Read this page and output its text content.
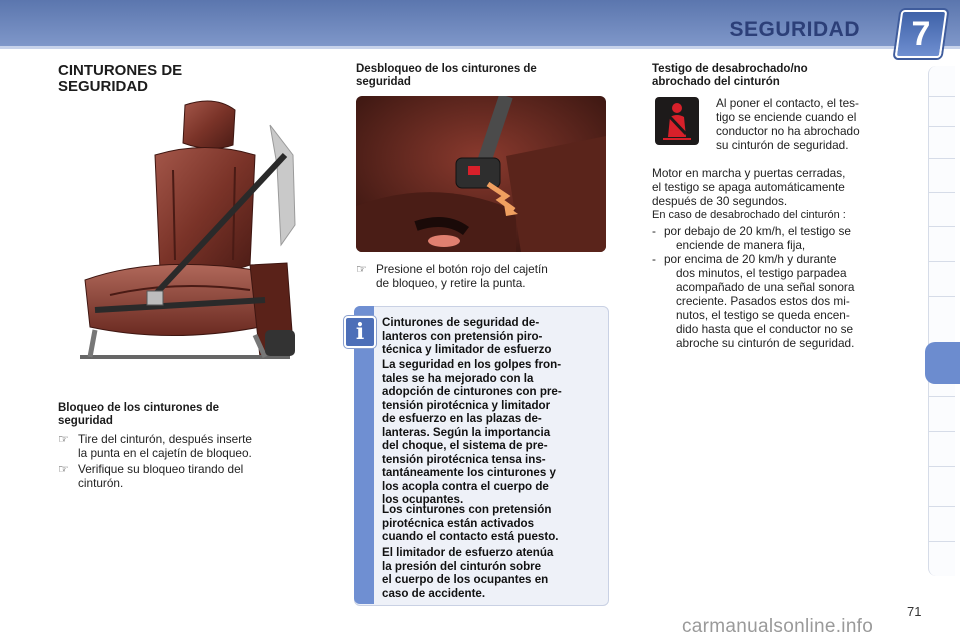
SEGURIDAD	7
CINTURONES DE
SEGURIDAD
Bloqueo de los cinturones de
seguridad
☞ Tire del cinturón, después inserte
la punta en el cajetín de bloqueo.
☞ Verifique su bloqueo tirando del
cinturón.
Desbloqueo de los cinturones de
seguridad
☞ Presione el botón rojo del cajetín
de bloqueo, y retire la punta.
i	Cinturones de seguridad de-
lanteros con pretensión piro-
técnica y limitador de esfuerzo
La seguridad en los golpes fron-
tales se ha mejorado con la
adopción de cinturones con pre-
tensión pirotécnica y limitador
de esfuerzo en las plazas de-
lanteras. Según la importancia
del choque, el sistema de pre-
tensión pirotécnica tensa ins-
tantáneamente los cinturones y
los acopla contra el cuerpo de
los ocupantes.
Los cinturones con pretensión
pirotécnica están activados
cuando el contacto está puesto.
El limitador de esfuerzo atenúa
la presión del cinturón sobre
el cuerpo de los ocupantes en
caso de accidente.
Testigo de desabrochado/no
abrochado del cinturón
Al poner el contacto, el tes-
tigo se enciende cuando el
conductor no ha abrochado
su cinturón de seguridad.
Motor en marcha y puertas cerradas,
el testigo se apaga automáticamente
después de 30 segundos.
En caso de desabrochado del cinturón :
- por debajo de 20 km/h, el testigo se
enciende de manera fija,
- por encima de 20 km/h y durante
dos minutos, el testigo parpadea
acompañado de una señal sonora
creciente. Pasados estos dos mi-
nutos, el testigo se queda encen-
dido hasta que el conductor no se
abroche su cinturón de seguridad.
71
carmanualsonline.info
